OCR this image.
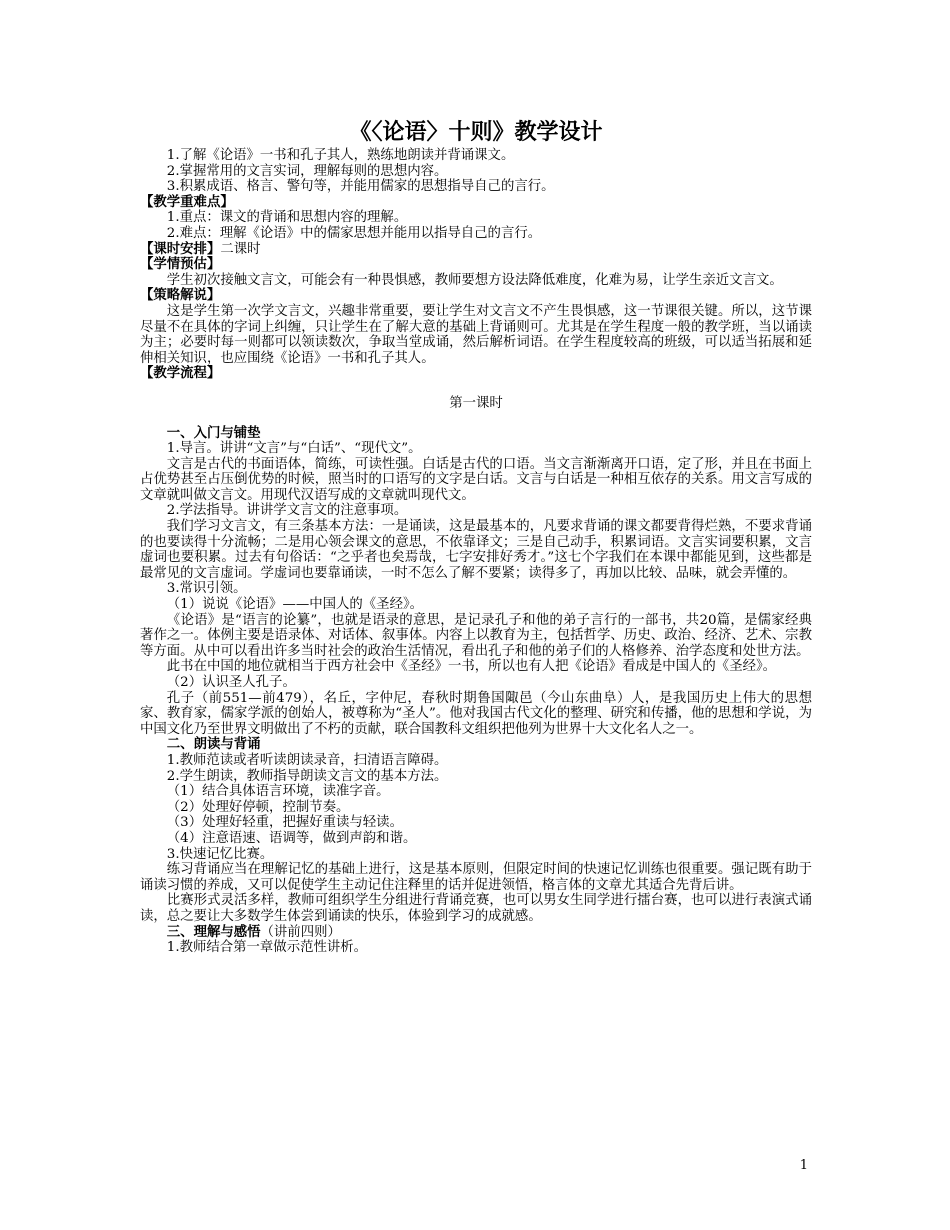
《〈论语〉十则》教学设计

1.了解《论语》一书和孔子其人，熟练地朗读并背诵课文。

2.掌握常用的文言实词，理解每则的思想内容。

3.积累成语、格言、警句等，并能用儒家的思想指导自己的言行。

【教学重难点】

1.重点：课文的背诵和思想内容的理解。

2.难点：理解《论语》中的儒家思想并能用以指导自己的言行。

【课时安排】二课时

【学情预估】

学生初次接触文言文，可能会有一种畏惧感，教师要想方设法降低难度，化难为易，让学生亲近文言文。

【策略解说】

这是学生第一次学文言文，兴趣非常重要，要让学生对文言文不产生畏惧感，这一节课很关键。所以，这节课尽量不在具体的字词上纠缠，只让学生在了解大意的基础上背诵则可。尤其是在学生程度一般的教学班，当以诵读为主；必要时每一则都可以领读数次，争取当堂成诵，然后解析词语。在学生程度较高的班级，可以适当拓展和延伸相关知识，也应围绕《论语》一书和孔子其人。

【教学流程】

第一课时

一、入门与铺垫

1.导言。讲讲“文言”与“白话”、“现代文”。

文言是古代的书面语体，简练，可读性强。白话是古代的口语。当文言渐渐离开口语，定了形，并且在书面上占优势甚至占压倒优势的时候，照当时的口语写的文字是白话。文言与白话是一种相互依存的关系。用文言写成的文章就叫做文言文。用现代汉语写成的文章就叫现代文。

2.学法指导。讲讲学文言文的注意事项。

我们学习文言文，有三条基本方法：一是诵读，这是最基本的，凡要求背诵的课文都要背得烂熟，不要求背诵的也要读得十分流畅；二是用心领会课文的意思，不依靠译文；三是自己动手，积累词语。文言实词要积累，文言虚词也要积累。过去有句俗话：“之乎者也矣焉哉，七字安排好秀才。”这七个字我们在本课中都能见到，这些都是最常见的文言虚词。学虚词也要靠诵读，一时不怎么了解不要紧；读得多了，再加以比较、品味，就会弄懂的。

3.常识引领。

（1）说说《论语》——中国人的《圣经》。

《论语》是“语言的论纂”，也就是语录的意思，是记录孔子和他的弟子言行的一部书，共20篇，是儒家经典著作之一。体例主要是语录体、对话体、叙事体。内容上以教育为主，包括哲学、历史、政治、经济、艺术、宗教等方面。从中可以看出许多当时社会的政治生活情况，看出孔子和他的弟子们的人格修养、治学态度和处世方法。

此书在中国的地位就相当于西方社会中《圣经》一书，所以也有人把《论语》看成是中国人的《圣经》。

（2）认识圣人孔子。

孔子（前551—前479），名丘，字仲尼，春秋时期鲁国陬邑（今山东曲阜）人，是我国历史上伟大的思想家、教育家，儒家学派的创始人，被尊称为“圣人”。他对我国古代文化的整理、研究和传播，他的思想和学说，为中国文化乃至世界文明做出了不朽的贡献，联合国教科文组织把他列为世界十大文化名人之一。

二、朗读与背诵

1.教师范读或者听读朗读录音，扫清语言障碍。

2.学生朗读，教师指导朗读文言文的基本方法。

（1）结合具体语言环境，读准字音。

（2）处理好停顿，控制节奏。

（3）处理好轻重，把握好重读与轻读。

（4）注意语速、语调等，做到声韵和谐。

3.快速记忆比赛。

练习背诵应当在理解记忆的基础上进行，这是基本原则，但限定时间的快速记忆训练也很重要。强记既有助于诵读习惯的养成，又可以促使学生主动记住注释里的话并促进领悟，格言体的文章尤其适合先背后讲。

比赛形式灵活多样，教师可组织学生分组进行背诵竞赛，也可以男女生同学进行擂台赛，也可以进行表演式诵读，总之要让大多数学生体尝到诵读的快乐，体验到学习的成就感。

三、理解与感悟（讲前四则）

1.教师结合第一章做示范性讲析。

1
